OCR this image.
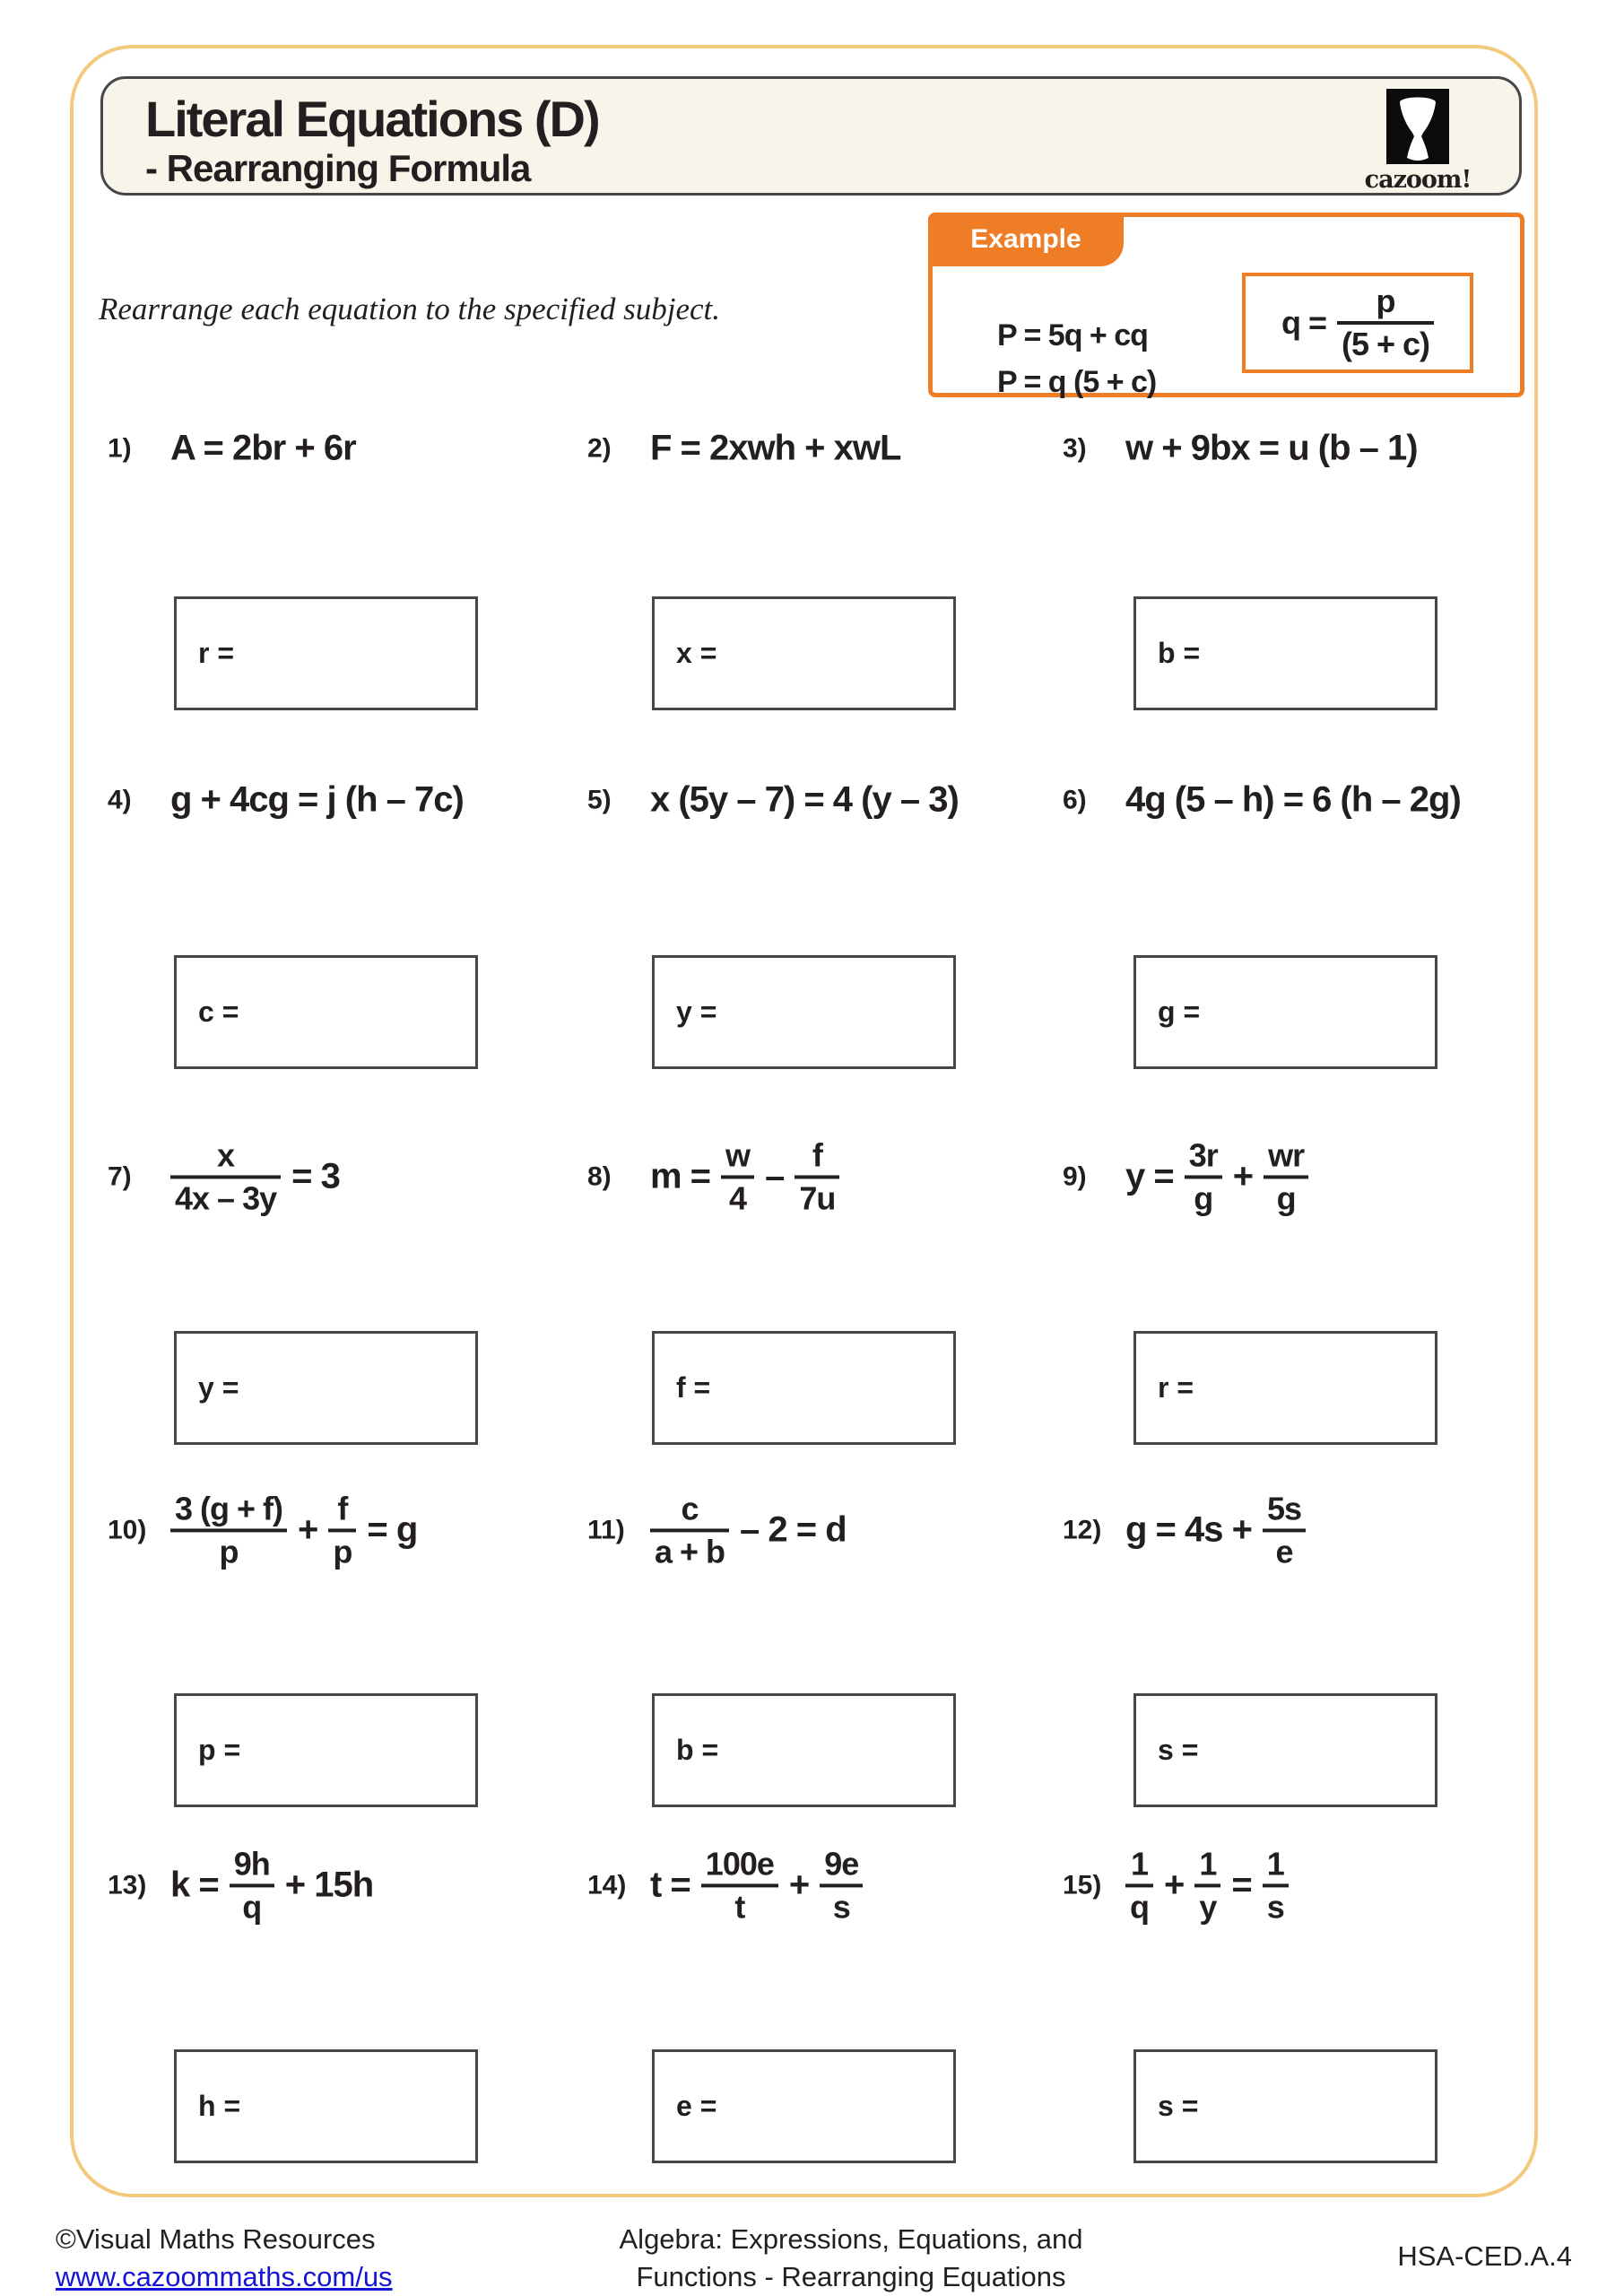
Literal Equations (D)
- Rearranging Formula	cazoom!
Example
P = 5q + cq
P = q (5 + c)
$q = \frac{p}{(5 + c)}$
Rearrange each equation to the specified subject.
1)	A = 2br + 6r
r =
2)	F = 2xwh + xwL
x =
3)	w + 9bx = u (b – 1)
b =
4)	g + 4cg = j (h – 7c)
c =
5)	x (5y – 7) = 4 (y – 3)
y =
6)	4g (5 – h) = 6 (h – 2g)
g =
7)	$\frac{x}{4x - 3y} = 3$
y =
8)	$m = \frac{w}{4} - \frac{f}{7u}$
f =
9)	$y = \frac{3r}{g} + \frac{wr}{g}$
r =
$10) \frac{3 (g + f)}{p} + \frac{f}{p} = g$
p =
$11) \frac{c}{a + b} - 2 = d$
b =
12) $g = 4s + \frac{5s}{e}$
s =
13) $k = \frac{9h}{q} + 15h$
h =
14) $t = \frac{100e}{t} + \frac{9e}{s}$
e =
$15) \frac{1}{q} + \frac{1}{y} = \frac{1}{s}$
s =
©Visual Maths Resources
www.cazoommaths.com/us
Algebra: Expressions, Equations, and
Functions - Rearranging Equations
HSA-CED.A.4
